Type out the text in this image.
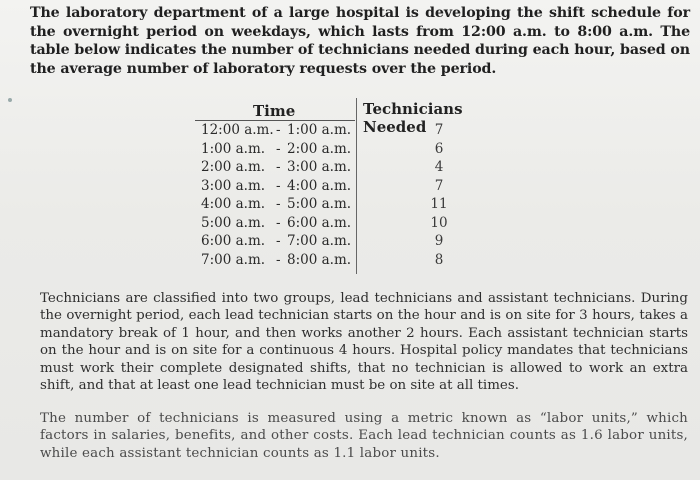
The laboratory department of a large hospital is developing the shift schedule for the overnight period on weekdays, which lasts from 12:00 a.m. to 8:00 a.m. The table below indicates the number of technicians needed during each hour, based on the average number of laboratory requests over the period.

Time	Technicians Needed
12:00 a.m. - 1:00 a.m.	7
1:00 a.m. - 2:00 a.m.	6
2:00 a.m. - 3:00 a.m.	4
3:00 a.m. - 4:00 a.m.	7
4:00 a.m. - 5:00 a.m.	11
5:00 a.m. - 6:00 a.m.	10
6:00 a.m. - 7:00 a.m.	9
7:00 a.m. - 8:00 a.m.	8

Technicians are classified into two groups, lead technicians and assistant technicians. During the overnight period, each lead technician starts on the hour and is on site for 3 hours, takes a mandatory break of 1 hour, and then works another 2 hours. Each assistant technician starts on the hour and is on site for a continuous 4 hours. Hospital policy mandates that technicians must work their complete designated shifts, that no technician is allowed to work an extra shift, and that at least one lead technician must be on site at all times.

The number of technicians is measured using a metric known as “labor units,” which factors in salaries, benefits, and other costs. Each lead technician counts as 1.6 labor units, while each assistant technician counts as 1.1 labor units.
